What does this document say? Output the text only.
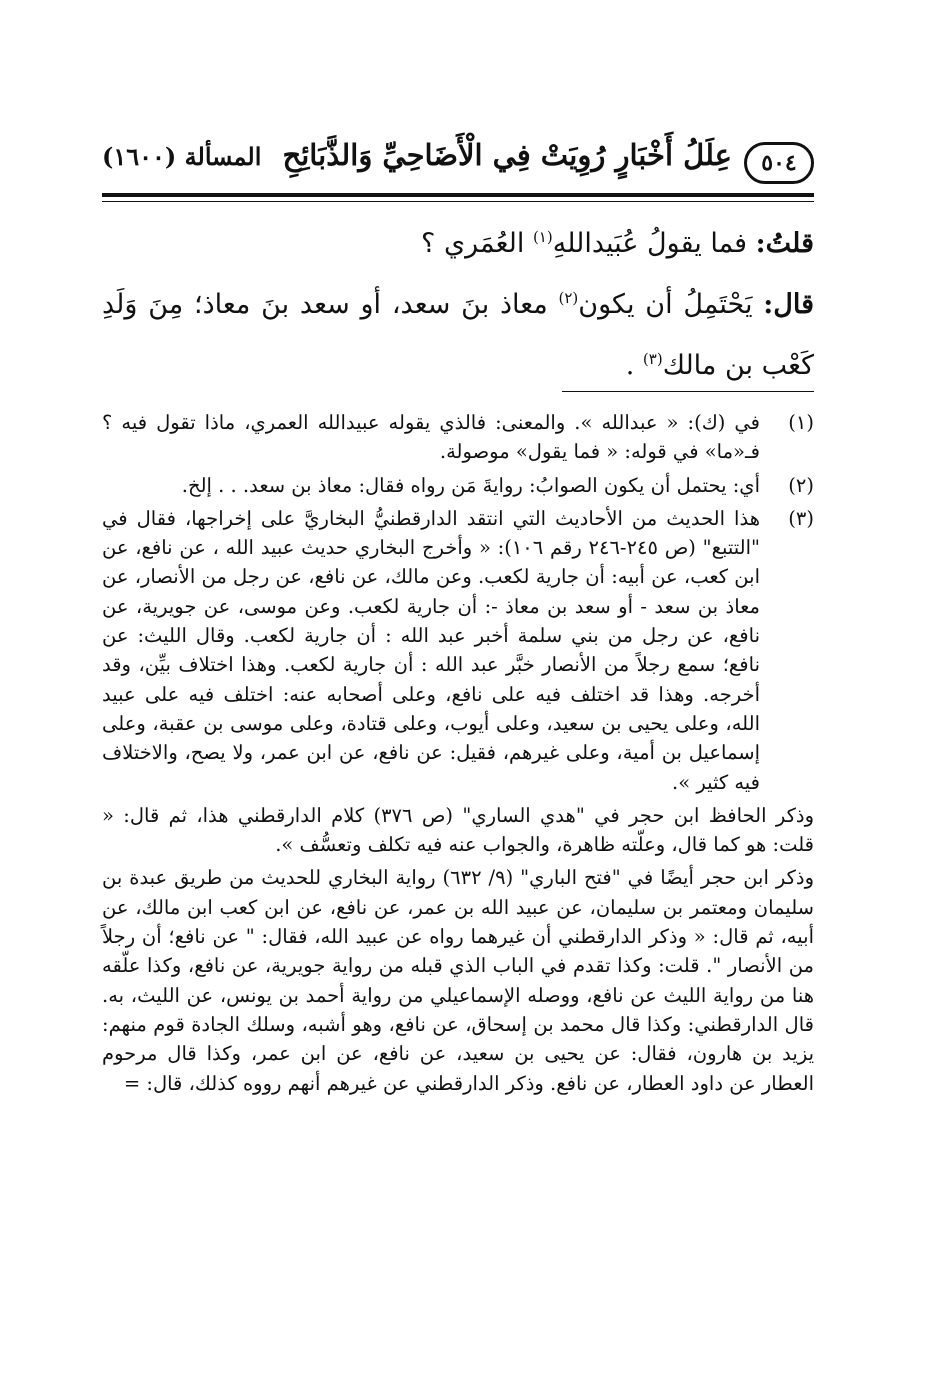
٥٠٤
عِلَلُ أَخْبَارٍ رُوِيَتْ فِي الْأَضَاحِيِّ وَالذَّبَائِحِ
المسألة (١٦٠٠)
قلتُ: فما يقولُ عُبَيداللهِ$^{(١)}$ العُمَري ؟
قال: يَحْتَمِلُ أن يكون$^{(٢)}$ معاذ بنَ سعد، أو سعد بنَ معاذ؛ مِنَ وَلَدِ كَعْب بن مالك$^{(٣)}$ .
(١)
في (ك): « عبدالله ». والمعنى: فالذي يقوله عبيدالله العمري، ماذا تقول فيه ؟ فـ«ما» في قوله: « فما يقول» موصولة.
(٢)
أي: يحتمل أن يكون الصوابُ: روايةَ مَن رواه فقال: معاذ بن سعد. . . إلخ.
(٣)
هذا الحديث من الأحاديث التي انتقد الدارقطنيُّ البخاريَّ على إخراجها، فقال في "التتبع" (ص ٢٤٥-٢٤٦ رقم ١٠٦): « وأخرج البخاري حديث عبيد الله ، عن نافع، عن ابن كعب، عن أبيه: أن جارية لكعب. وعن مالك، عن نافع، عن رجل من الأنصار، عن معاذ بن سعد - أو سعد بن معاذ -: أن جارية لكعب. وعن موسى، عن جويرية، عن نافع، عن رجل من بني سلمة أخبر عبد الله : أن جارية لكعب. وقال الليث: عن نافع؛ سمع رجلاً من الأنصار خبَّر عبد الله : أن جارية لكعب. وهذا اختلاف بيِّن، وقد أخرجه. وهذا قد اختلف فيه على نافع، وعلى أصحابه عنه: اختلف فيه على عبيد الله، وعلى يحيى بن سعيد، وعلى أيوب، وعلى قتادة، وعلى موسى بن عقبة، وعلى إسماعيل بن أمية، وعلى غيرهم، فقيل: عن نافع، عن ابن عمر، ولا يصح، والاختلاف فيه كثير ».

وذكر الحافظ ابن حجر في "هدي الساري" (ص ٣٧٦) كلام الدارقطني هذا، ثم قال: « قلت: هو كما قال، وعلّته ظاهرة، والجواب عنه فيه تكلف وتعسُّف ».

وذكر ابن حجر أيضًا في "فتح الباري" (٩/ ٦٣٢) رواية البخاري للحديث من طريق عبدة بن سليمان ومعتمر بن سليمان، عن عبيد الله بن عمر، عن نافع، عن ابن كعب ابن مالك، عن أبيه، ثم قال: « وذكر الدارقطني أن غيرهما رواه عن عبيد الله، فقال: " عن نافع؛ أن رجلاً من الأنصار ". قلت: وكذا تقدم في الباب الذي قبله من رواية جويرية، عن نافع، وكذا علّقه هنا من رواية الليث عن نافع، ووصله الإسماعيلي من رواية أحمد بن يونس، عن الليث، به. قال الدارقطني: وكذا قال محمد بن إسحاق، عن نافع، وهو أشبه، وسلك الجادة قوم منهم: يزيد بن هارون، فقال: عن يحيى بن سعيد، عن نافع، عن ابن عمر، وكذا قال مرحوم العطار عن داود العطار، عن نافع. وذكر الدارقطني عن غيرهم أنهم رووه كذلك، قال: =
